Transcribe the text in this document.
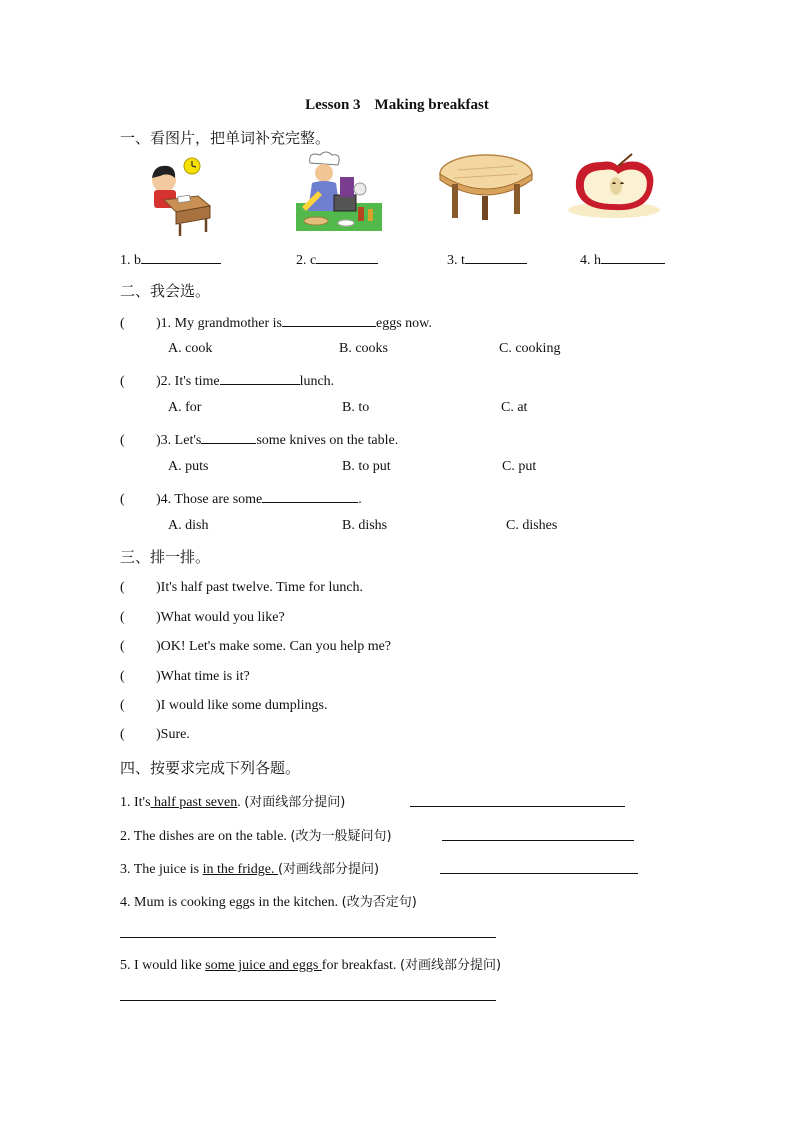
Lesson 3 Making breakfast
一、看图片，把单词补充完整。
1. b	2. c	3. t	4. h
二、我会选。
( )1. My grandmother is	eggs now.
A. cook	B. cooks	C. cooking
( )2. It's time	lunch.
A. for	B. to	C. at
( )3. Let's	some knives on the table.
A. puts	B. to put	C. put
( )4. Those are some	.
A. dish	B. dishs	C. dishes
三、排一排。
( )It's half past twelve. Time for lunch.
( )What would you like?
( )OK! Let's make some. Can you help me?
( )What time is it?
( )I would like some dumplings.
( )Sure.
四、按要求完成下列各题。
1. It's half past seven. (对面线部分提问)
2. The dishes are on the table. (改为一般疑问句)
3. The juice is in the fridge. (对画线部分提问)
4. Mum is cooking eggs in the kitchen. (改为否定句)
5. I would like some juice and eggs for breakfast. (对画线部分提问)
